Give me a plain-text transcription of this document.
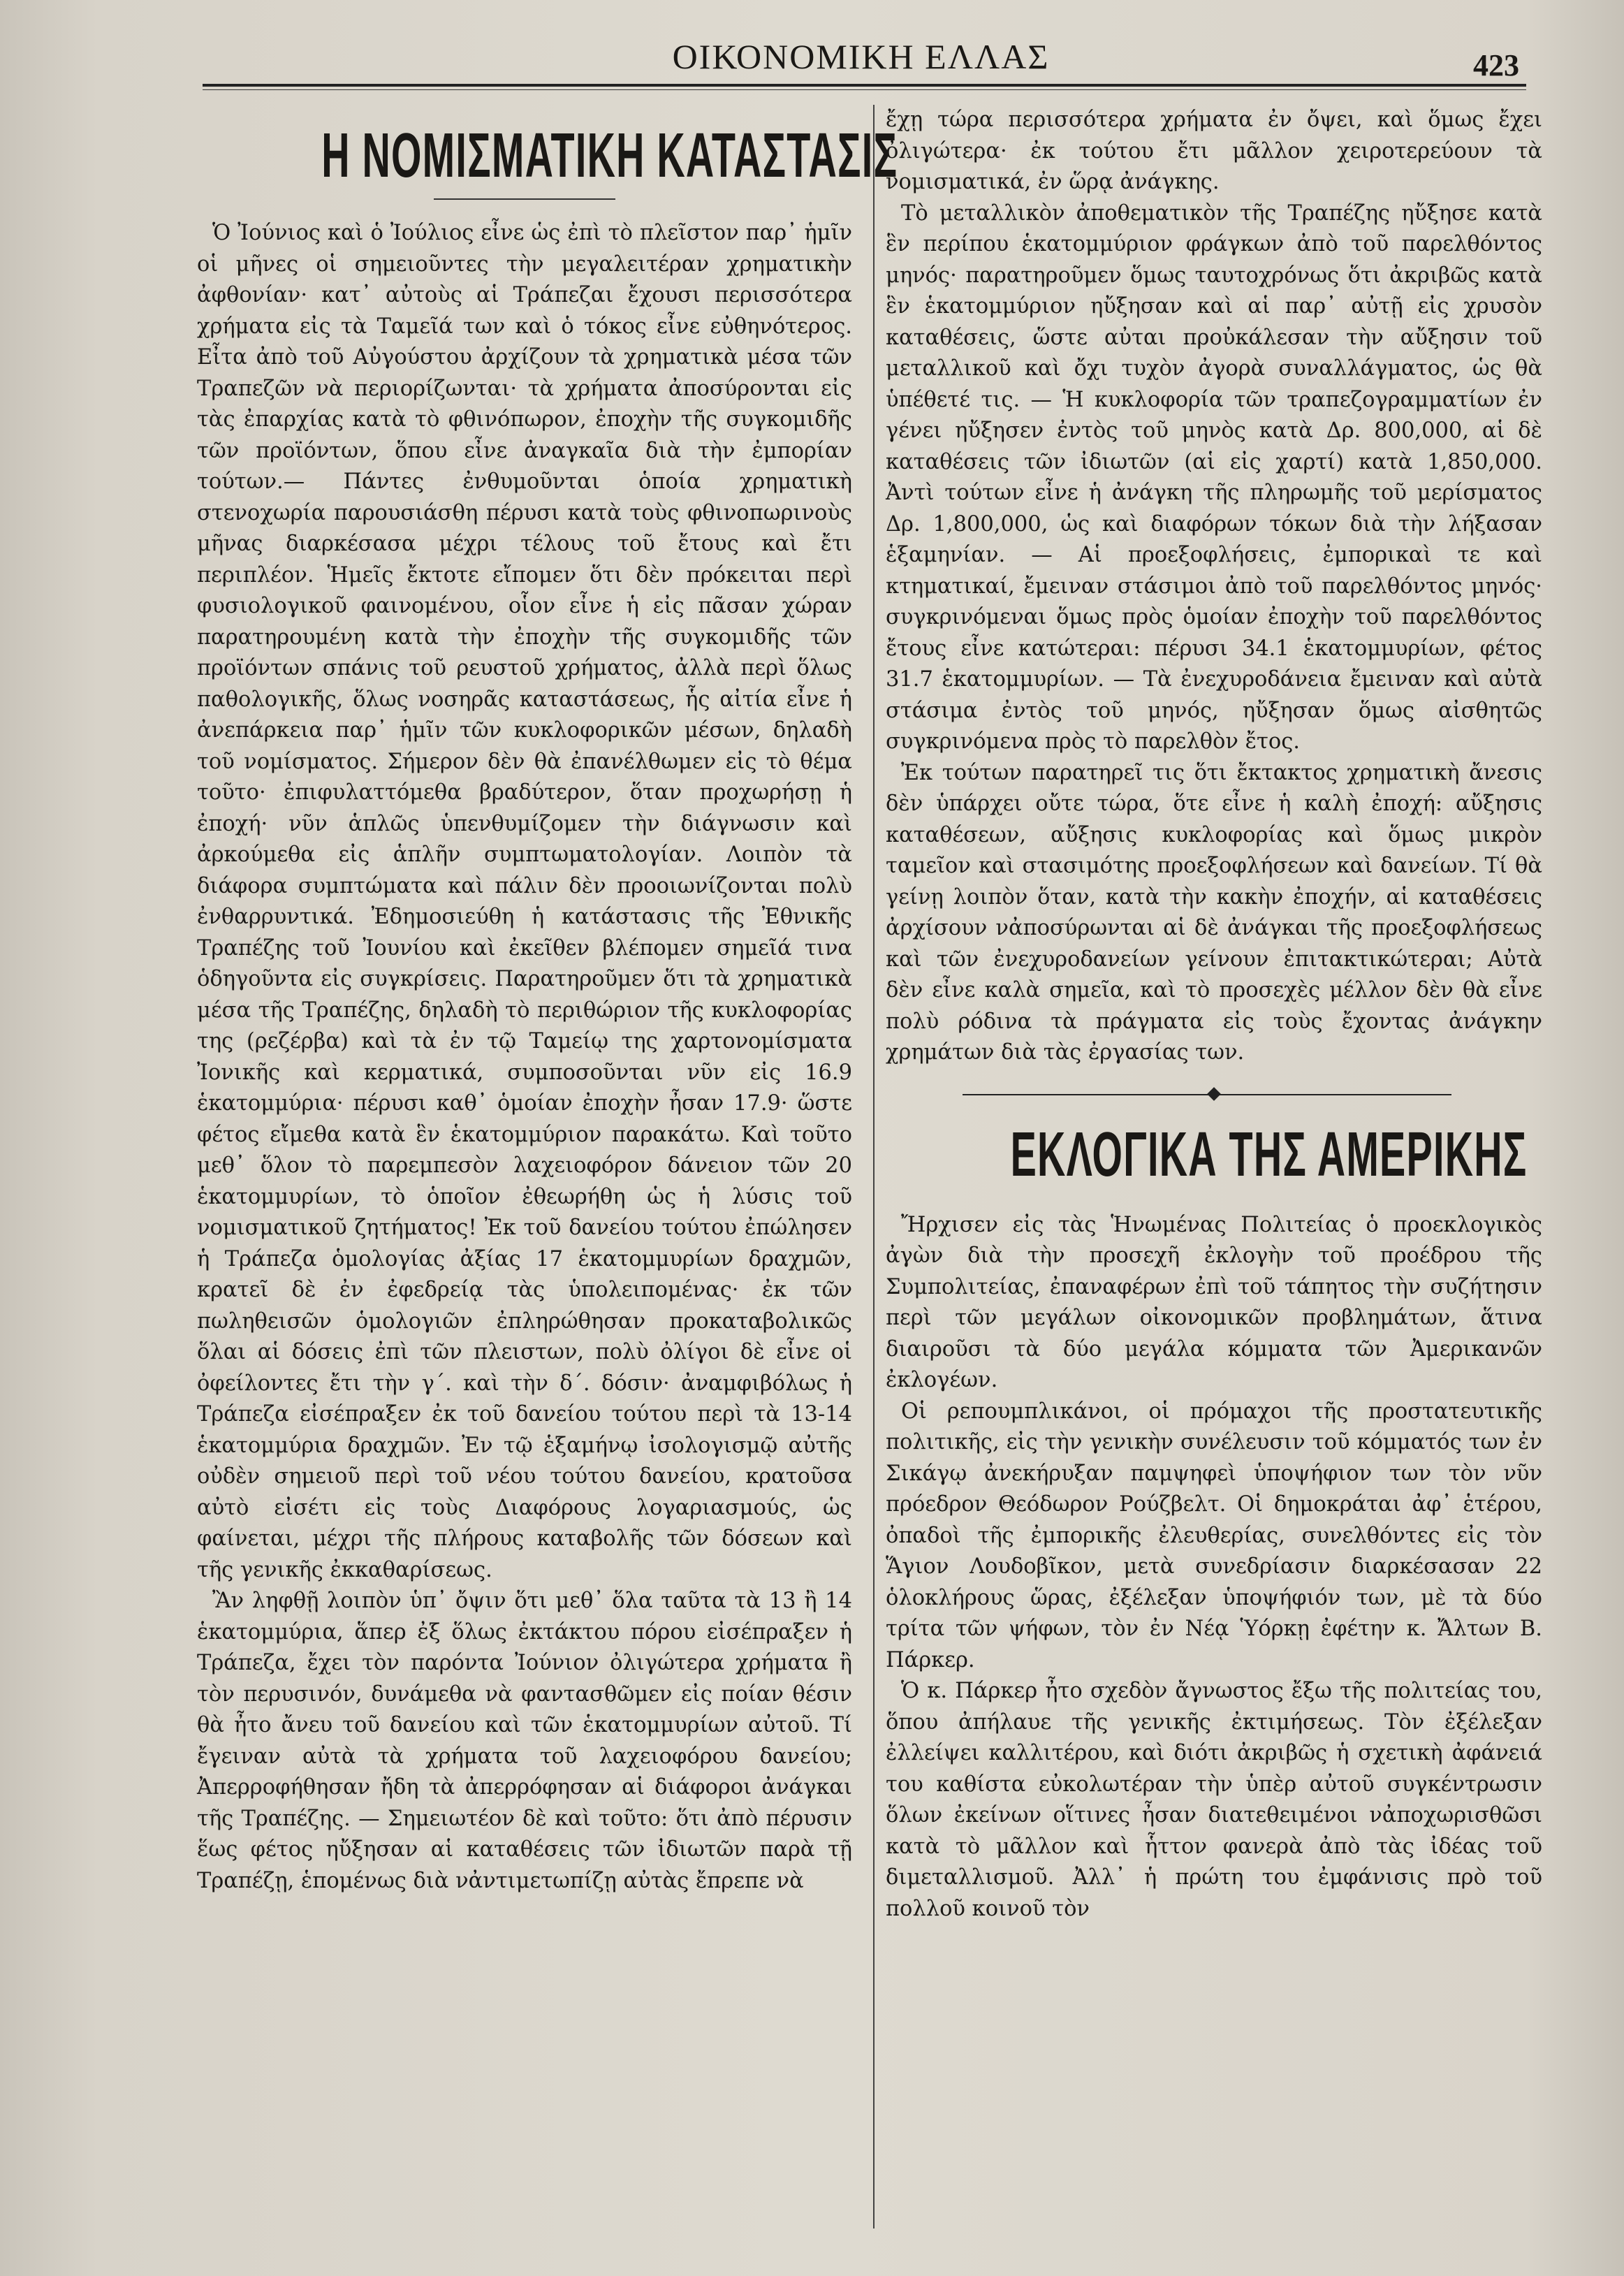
ΟΙΚΟΝΟΜΙΚΗ ΕΛΛΑΣ	423
Η ΝΟΜΙΣΜΑΤΙΚΗ ΚΑΤΑΣΤΑΣΙΣ

Ὁ Ἰούνιος καὶ ὁ Ἰούλιος εἶνε ὡς ἐπὶ τὸ πλεῖστον παρ᾿ ἡμῖν οἱ μῆνες οἱ σημειοῦντες τὴν μεγαλειτέραν χρηματικὴν ἀφθονίαν· κατ᾿ αὐτοὺς αἱ Τράπεζαι ἔχουσι περισσότερα χρήματα εἰς τὰ Ταμεῖά των καὶ ὁ τόκος εἶνε εὐθηνότερος. Εἶτα ἀπὸ τοῦ Αὐγούστου ἀρχίζουν τὰ χρηματικὰ μέσα τῶν Τραπεζῶν νὰ περιορίζωνται· τὰ χρήματα ἀποσύρονται εἰς τὰς ἐπαρχίας κατὰ τὸ φθινόπωρον, ἐποχὴν τῆς συγκομιδῆς τῶν προϊόντων, ὅπου εἶνε ἀναγκαῖα διὰ τὴν ἐμπορίαν τούτων.— Πάντες ἐνθυμοῦνται ὁποία χρηματικὴ στενοχωρία παρουσιάσθη πέρυσι κατὰ τοὺς φθινοπωρινοὺς μῆνας διαρκέσασα μέχρι τέλους τοῦ ἔτους καὶ ἔτι περιπλέον. Ἡμεῖς ἔκτοτε εἴπομεν ὅτι δὲν πρόκειται περὶ φυσιολογικοῦ φαινομένου, οἷον εἶνε ἡ εἰς πᾶσαν χώραν παρατηρουμένη κατὰ τὴν ἐποχὴν τῆς συγκομιδῆς τῶν προϊόντων σπάνις τοῦ ρευστοῦ χρήματος, ἀλλὰ περὶ ὅλως παθολογικῆς, ὅλως νοσηρᾶς καταστάσεως, ἧς αἰτία εἶνε ἡ ἀνεπάρκεια παρ᾿ ἡμῖν τῶν κυκλοφορικῶν μέσων, δηλαδὴ τοῦ νομίσματος. Σήμερον δὲν θὰ ἐπανέλθωμεν εἰς τὸ θέμα τοῦτο· ἐπιφυλαττόμεθα βραδύτερον, ὅταν προχωρήσῃ ἡ ἐποχή· νῦν ἁπλῶς ὑπενθυμίζομεν τὴν διάγνωσιν καὶ ἀρκούμεθα εἰς ἁπλῆν συμπτωματολογίαν. Λοιπὸν τὰ διάφορα συμπτώματα καὶ πάλιν δὲν προοιωνίζονται πολὺ ἐνθαρρυντικά. Ἐδημοσιεύθη ἡ κατάστασις τῆς Ἐθνικῆς Τραπέζης τοῦ Ἰουνίου καὶ ἐκεῖθεν βλέπομεν σημεῖά τινα ὁδηγοῦντα εἰς συγκρίσεις. Παρατηροῦμεν ὅτι τὰ χρηματικὰ μέσα τῆς Τραπέζης, δηλαδὴ τὸ περιθώριον τῆς κυκλοφορίας της (ρεζέρβα) καὶ τὰ ἐν τῷ Ταμείῳ της χαρτονομίσματα Ἰονικῆς καὶ κερματικά, συμποσοῦνται νῦν εἰς 16.9 ἑκατομμύρια· πέρυσι καθ᾿ ὁμοίαν ἐποχὴν ἦσαν 17.9· ὥστε φέτος εἴμεθα κατὰ ἓν ἑκατομμύριον παρακάτω. Καὶ τοῦτο μεθ᾿ ὅλον τὸ παρεμπεσὸν λαχειοφόρον δάνειον τῶν 20 ἑκατομμυρίων, τὸ ὁποῖον ἐθεωρήθη ὡς ἡ λύσις τοῦ νομισματικοῦ ζητήματος! Ἐκ τοῦ δανείου τούτου ἐπώλησεν ἡ Τράπεζα ὁμολογίας ἀξίας 17 ἑκατομμυρίων δραχμῶν, κρατεῖ δὲ ἐν ἐφεδρείᾳ τὰς ὑπολειπομένας· ἐκ τῶν πωληθεισῶν ὁμολογιῶν ἐπληρώθησαν προκαταβολικῶς ὅλαι αἱ δόσεις ἐπὶ τῶν πλειστων, πολὺ ὀλίγοι δὲ εἶνε οἱ ὀφείλοντες ἔτι τὴν γ΄. καὶ τὴν δ΄. δόσιν· ἀναμφιβόλως ἡ Τράπεζα εἰσέπραξεν ἐκ τοῦ δανείου τούτου περὶ τὰ 13-14 ἑκατομμύρια δραχμῶν. Ἐν τῷ ἑξαμήνῳ ἰσολογισμῷ αὐτῆς οὐδὲν σημειοῦ περὶ τοῦ νέου τούτου δανείου, κρατοῦσα αὐτὸ εἰσέτι εἰς τοὺς Διαφόρους λογαριασμούς, ὡς φαίνεται, μέχρι τῆς πλήρους καταβολῆς τῶν δόσεων καὶ τῆς γενικῆς ἐκκαθαρίσεως.

Ἂν ληφθῇ λοιπὸν ὑπ᾿ ὄψιν ὅτι μεθ᾿ ὅλα ταῦτα τὰ 13 ἢ 14 ἑκατομμύρια, ἅπερ ἐξ ὅλως ἐκτάκτου πόρου εἰσέπραξεν ἡ Τράπεζα, ἔχει τὸν παρόντα Ἰούνιον ὀλιγώτερα χρήματα ἢ τὸν περυσινόν, δυνάμεθα νὰ φαντασθῶμεν εἰς ποίαν θέσιν θὰ ἦτο ἄνευ τοῦ δανείου καὶ τῶν ἑκατομμυρίων αὐτοῦ. Τί ἔγειναν αὐτὰ τὰ χρήματα τοῦ λαχειοφόρου δανείου; Ἀπερροφήθησαν ἤδη τὰ ἀπερρόφησαν αἱ διάφοροι ἀνάγκαι τῆς Τραπέζης. — Σημειωτέον δὲ καὶ τοῦτο: ὅτι ἀπὸ πέρυσιν ἕως φέτος ηὔξησαν αἱ καταθέσεις τῶν ἰδιωτῶν παρὰ τῇ Τραπέζῃ, ἑπομένως διὰ νἀντιμετωπίζῃ αὐτὰς ἔπρεπε νὰ

ἔχῃ τώρα περισσότερα χρήματα ἐν ὄψει, καὶ ὅμως ἔχει ὀλιγώτερα· ἐκ τούτου ἔτι μᾶλλον χειροτερεύουν τὰ νομισματικά, ἐν ὥρᾳ ἀνάγκης.

Τὸ μεταλλικὸν ἀποθεματικὸν τῆς Τραπέζης ηὔξησε κατὰ ἓν περίπου ἑκατομμύριον φράγκων ἀπὸ τοῦ παρελθόντος μηνός· παρατηροῦμεν ὅμως ταυτοχρόνως ὅτι ἀκριβῶς κατὰ ἓν ἑκατομμύριον ηὔξησαν καὶ αἱ παρ᾿ αὐτῇ εἰς χρυσὸν καταθέσεις, ὥστε αὐται προὐκάλεσαν τὴν αὔξησιν τοῦ μεταλλικοῦ καὶ ὄχι τυχὸν ἀγορὰ συναλλάγματος, ὡς θὰ ὑπέθετέ τις. — Ἡ κυκλοφορία τῶν τραπεζογραμματίων ἐν γένει ηὔξησεν ἐντὸς τοῦ μηνὸς κατὰ Δρ. 800,000, αἱ δὲ καταθέσεις τῶν ἰδιωτῶν (αἱ εἰς χαρτί) κατὰ 1,850,000. Ἀντὶ τούτων εἶνε ἡ ἀνάγκη τῆς πληρωμῆς τοῦ μερίσματος Δρ. 1,800,000, ὡς καὶ διαφόρων τόκων διὰ τὴν λήξασαν ἑξαμηνίαν. — Αἱ προεξοφλήσεις, ἐμπορικαὶ τε καὶ κτηματικαί, ἔμειναν στάσιμοι ἀπὸ τοῦ παρελθόντος μηνός· συγκρινόμεναι ὅμως πρὸς ὁμοίαν ἐποχὴν τοῦ παρελθόντος ἔτους εἶνε κατώτεραι: πέρυσι 34.1 ἑκατομμυρίων, φέτος 31.7 ἑκατομμυρίων. — Τὰ ἐνεχυροδάνεια ἔμειναν καὶ αὐτὰ στάσιμα ἐντὸς τοῦ μηνός, ηὔξησαν ὅμως αἰσθητῶς συγκρινόμενα πρὸς τὸ παρελθὸν ἔτος.

Ἐκ τούτων παρατηρεῖ τις ὅτι ἔκτακτος χρηματικὴ ἄνεσις δὲν ὑπάρχει οὔτε τώρα, ὅτε εἶνε ἡ καλὴ ἐποχή: αὔξησις καταθέσεων, αὔξησις κυκλοφορίας καὶ ὅμως μικρὸν ταμεῖον καὶ στασιμότης προεξοφλήσεων καὶ δανείων. Τί θὰ γείνῃ λοιπὸν ὅταν, κατὰ τὴν κακὴν ἐποχήν, αἱ καταθέσεις ἀρχίσουν νἀποσύρωνται αἱ δὲ ἀνάγκαι τῆς προεξοφλήσεως καὶ τῶν ἐνεχυροδανείων γείνουν ἐπιτακτικώτεραι; Αὐτὰ δὲν εἶνε καλὰ σημεῖα, καὶ τὸ προσεχὲς μέλλον δὲν θὰ εἶνε πολὺ ρόδινα τὰ πράγματα εἰς τοὺς ἔχοντας ἀνάγκην χρημάτων διὰ τὰς ἐργασίας των.

ΕΚΛΟΓΙΚΑ ΤΗΣ ΑΜΕΡΙΚΗΣ

Ἤρχισεν εἰς τὰς Ἡνωμένας Πολιτείας ὁ προεκλογικὸς ἀγὼν διὰ τὴν προσεχῆ ἐκλογὴν τοῦ προέδρου τῆς Συμπολιτείας, ἐπαναφέρων ἐπὶ τοῦ τάπητος τὴν συζήτησιν περὶ τῶν μεγάλων οἰκονομικῶν προβλημάτων, ἅτινα διαιροῦσι τὰ δύο μεγάλα κόμματα τῶν Ἀμερικανῶν ἐκλογέων.

Οἱ ρεπουμπλικάνοι, οἱ πρόμαχοι τῆς προστατευτικῆς πολιτικῆς, εἰς τὴν γενικὴν συνέλευσιν τοῦ κόμματός των ἐν Σικάγῳ ἀνεκήρυξαν παμψηφεὶ ὑποψήφιον των τὸν νῦν πρόεδρον Θεόδωρον Ρούζβελτ. Οἱ δημοκράται ἀφ᾿ ἑτέρου, ὀπαδοὶ τῆς ἐμπορικῆς ἐλευθερίας, συνελθόντες εἰς τὸν Ἅγιον Λουδοβῖκον, μετὰ συνεδρίασιν διαρκέσασαν 22 ὁλοκλήρους ὥρας, ἐξέλεξαν ὑποψήφιόν των, μὲ τὰ δύο τρίτα τῶν ψήφων, τὸν ἐν Νέᾳ Ὑόρκῃ ἐφέτην κ. Ἄλτων Β. Πάρκερ.

Ὁ κ. Πάρκερ ἦτο σχεδὸν ἄγνωστος ἔξω τῆς πολιτείας του, ὅπου ἀπήλαυε τῆς γενικῆς ἐκτιμήσεως. Τὸν ἐξέλεξαν ἐλλείψει καλλιτέρου, καὶ διότι ἀκριβῶς ἡ σχετικὴ ἀφάνειά του καθίστα εὐκολωτέραν τὴν ὑπὲρ αὐτοῦ συγκέντρωσιν ὅλων ἐκείνων οἵτινες ἦσαν διατεθειμένοι νἀποχωρισθῶσι κατὰ τὸ μᾶλλον καὶ ἧττον φανερὰ ἀπὸ τὰς ἰδέας τοῦ διμεταλλισμοῦ. Ἀλλ᾿ ἡ πρώτη του ἐμφάνισις πρὸ τοῦ πολλοῦ κοινοῦ τὸν
